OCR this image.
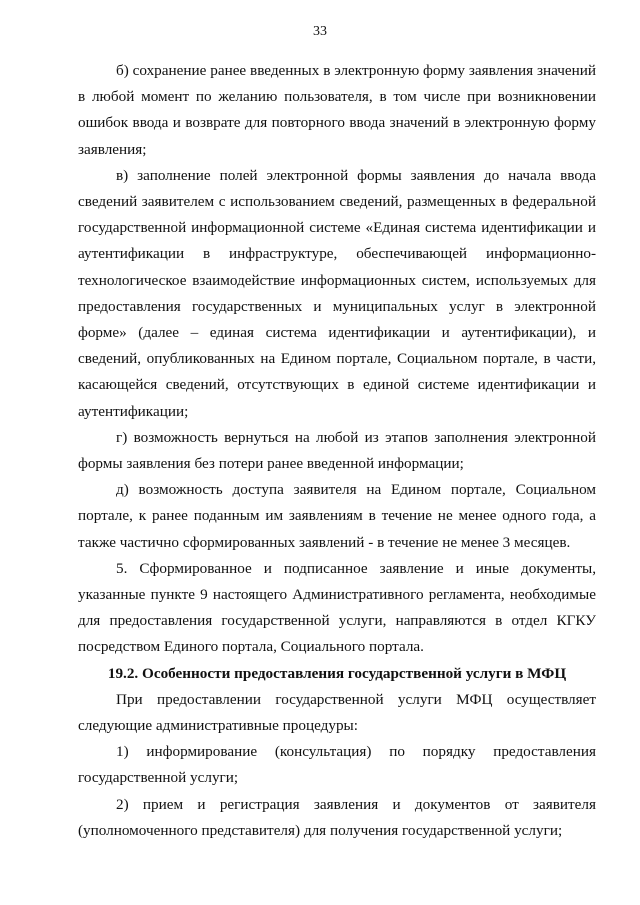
33

б) сохранение ранее введенных в электронную форму заявления значений в любой момент по желанию пользователя, в том числе при возникновении ошибок ввода и возврате для повторного ввода значений в электронную форму заявления;

в) заполнение полей электронной формы заявления до начала ввода сведений заявителем с использованием сведений, размещенных в федеральной государственной информационной системе «Единая система идентификации и аутентификации в инфраструктуре, обеспечивающей информационно-технологическое взаимодействие информационных систем, используемых для предоставления государственных и муниципальных услуг в электронной форме» (далее – единая система идентификации и аутентификации), и сведений, опубликованных на Едином портале, Социальном портале, в части, касающейся сведений, отсутствующих в единой системе идентификации и аутентификации;

г) возможность вернуться на любой из этапов заполнения электронной формы заявления без потери ранее введенной информации;

д) возможность доступа заявителя на Едином портале, Социальном портале, к ранее поданным им заявлениям в течение не менее одного года, а также частично сформированных заявлений - в течение не менее 3 месяцев.

5. Сформированное и подписанное заявление и иные документы, указанные пункте 9 настоящего Административного регламента, необходимые для предоставления государственной услуги, направляются в отдел КГКУ посредством Единого портала, Социального портала.

19.2. Особенности предоставления государственной услуги в МФЦ

При предоставлении государственной услуги МФЦ осуществляет следующие административные процедуры:

1) информирование (консультация) по порядку предоставления государственной услуги;

2) прием и регистрация заявления и документов от заявителя (уполномоченного представителя) для получения государственной услуги;
